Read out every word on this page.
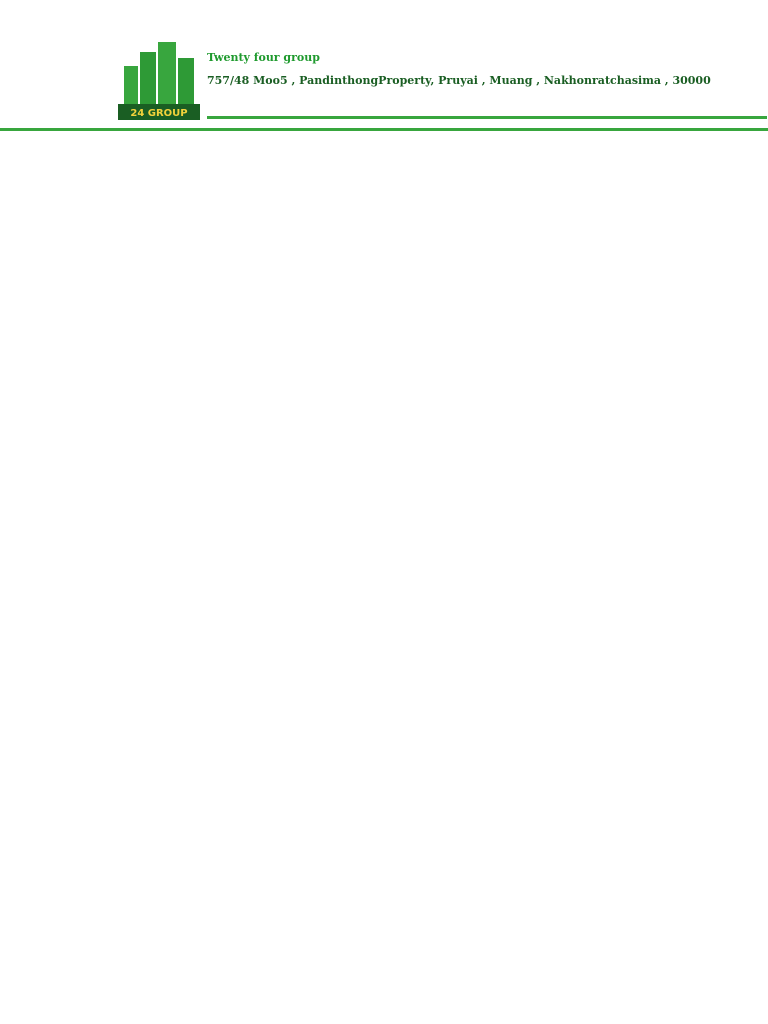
24 GROUP
Twenty four group
757/48 Moo5 , PandinthongProperty, Pruyai , Muang , Nakhonratchasima , 30000
